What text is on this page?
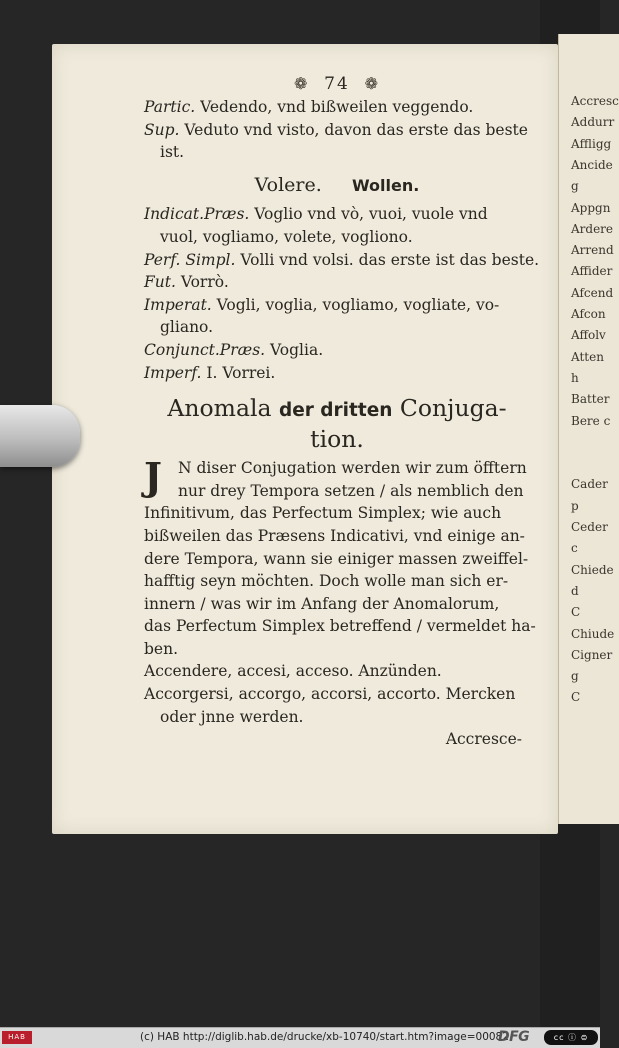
Accresc
Addurr
Affligg
Ancide
g
Appgn
Ardere
Arrend
Affider
Afcend
Afcon
Affolv
Atten
h
Batter
Bere c
Cader
p
Ceder
c
Chiede
d
C
Chiude
Cigner
g
C
❁ 74 ❁
Partic. Vedendo, vnd bißweilen veggendo.
Sup. Veduto vnd visto, davon das erste das beste
ist.
Volere. Wollen.
Indicat.Præs. Voglio vnd vò, vuoi, vuole vnd
vuol, vogliamo, volete, vogliono.
Perf. Simpl. Volli vnd volsi. das erste ist das beste.
Fut. Vorrò.
Imperat. Vogli, voglia, vogliamo, vogliate, vo-
gliano.
Conjunct.Præs. Voglia.
Imperf. I. Vorrei.
Anomala der dritten Conjuga-
tion.
J	N diser Conjugation werden wir zum öfftern
nur drey Tempora setzen / als nemblich den
Infinitivum, das Perfectum Simplex; wie auch
bißweilen das Præsens Indicativi, vnd einige an-
dere Tempora, wann sie einiger massen zweiffel-
hafftig seyn möchten. Doch wolle man sich er-
innern / was wir im Anfang der Anomalorum,
das Perfectum Simplex betreffend / vermeldet ha-
ben.
Accendere, accesi, acceso. Anzünden.
Accorgersi, accorgo, accorsi, accorto. Mercken
oder jnne werden.
Accresce-
HAB	(c) HAB http://diglib.hab.de/drucke/xb-10740/start.htm?image=00082
DFG	cc ⓘ ⊜
